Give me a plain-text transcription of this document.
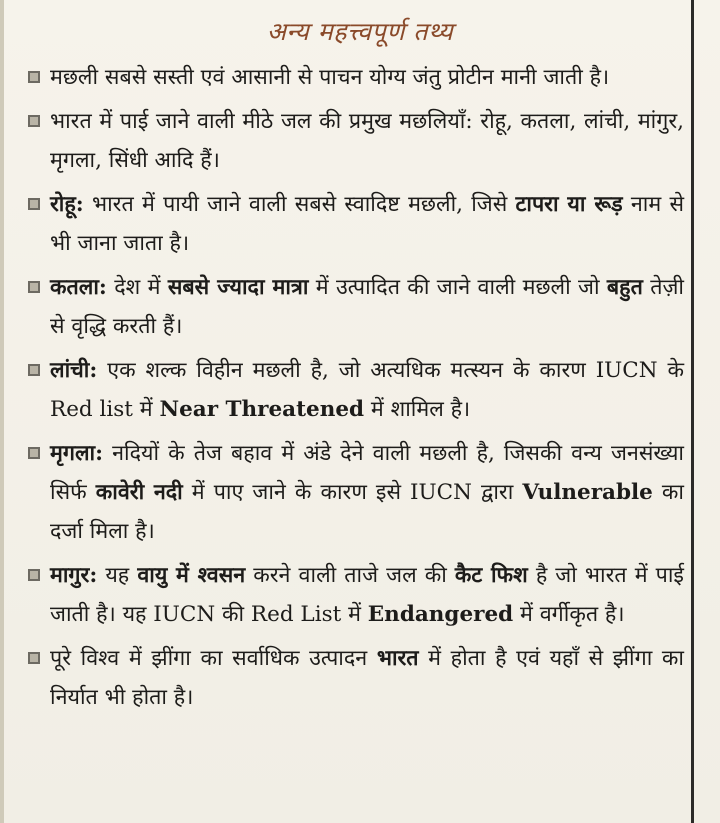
अन्य महत्त्वपूर्ण तथ्य
मछली सबसे सस्ती एवं आसानी से पाचन योग्य जंतु प्रोटीन मानी जाती है।
भारत में पाई जाने वाली मीठे जल की प्रमुख मछलियाँ: रोहू, कतला, लांची, मांगुर, मृगला, सिंधी आदि हैं।
रोहू: भारत में पायी जाने वाली सबसे स्वादिष्ट मछली, जिसे टापरा या रूड़ नाम से भी जाना जाता है।
कतला: देश में सबसे ज्यादा मात्रा में उत्पादित की जाने वाली मछली जो बहुत तेज़ी से वृद्धि करती हैं।
लांची: एक शल्क विहीन मछली है, जो अत्यधिक मत्स्यन के कारण IUCN के Red list में Near Threatened में शामिल है।
मृगला: नदियों के तेज बहाव में अंडे देने वाली मछली है, जिसकी वन्य जनसंख्या सिर्फ कावेरी नदी में पाए जाने के कारण इसे IUCN द्वारा Vulnerable का दर्जा मिला है।
मागुर: यह वायु में श्वसन करने वाली ताजे जल की कैट फिश है जो भारत में पाई जाती है। यह IUCN की Red List में Endangered में वर्गीकृत है।
पूरे विश्व में झींगा का सर्वाधिक उत्पादन भारत में होता है एवं यहाँ से झींगा का निर्यात भी होता है।
